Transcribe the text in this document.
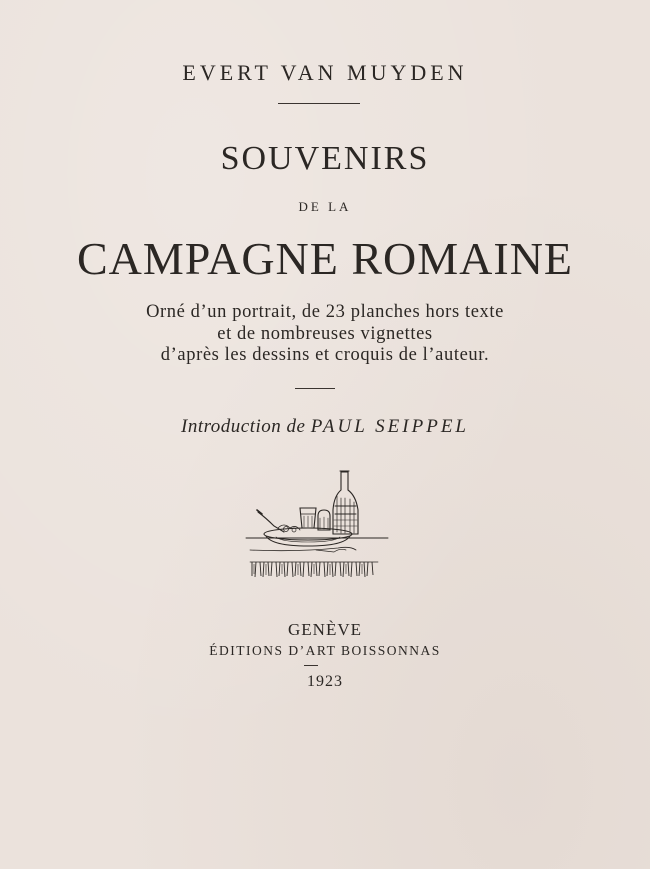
EVERT VAN MUYDEN
SOUVENIRS
DE LA
CAMPAGNE ROMAINE
Orné d’un portrait, de 23 planches hors texte
et de nombreuses vignettes
d’après les dessins et croquis de l’auteur.
Introduction de PAUL SEIPPEL
GENÈVE
ÉDITIONS D’ART BOISSONNAS
1923
